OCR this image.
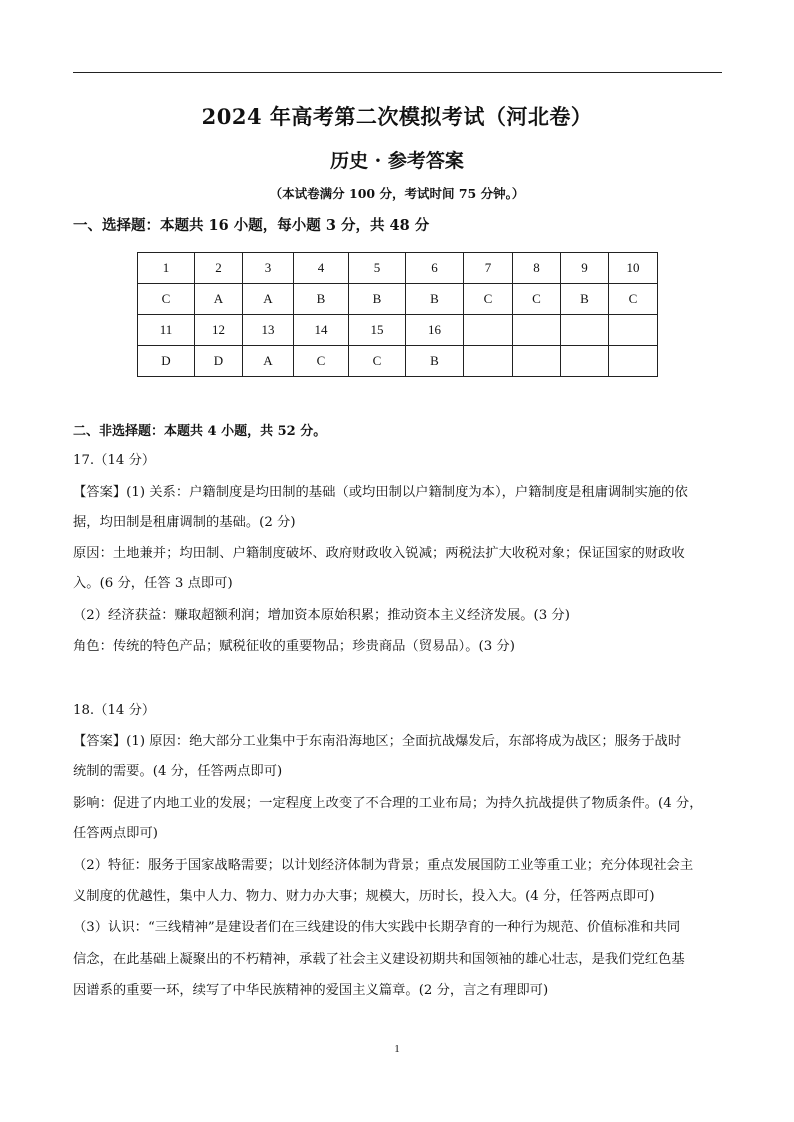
2024 年高考第二次模拟考试（河北卷）
历史 · 参考答案
（本试卷满分 100 分，考试时间 75 分钟。）
一、选择题：本题共 16 小题，每小题 3 分，共 48 分
1	2	3	4	5	6	7	8	9	10
C	A	A	B	B	B	C	C	B	C
11	12	13	14	15	16				
D	D	A	C	C	B				
二、非选择题：本题共 4 小题，共 52 分。
17.（14 分）
【答案】(1) 关系：户籍制度是均田制的基础（或均田制以户籍制度为本），户籍制度是租庸调制实施的依
据，均田制是租庸调制的基础。(2 分)
原因：土地兼并；均田制、户籍制度破坏、政府财政收入锐减；两税法扩大收税对象；保证国家的财政收
入。(6 分，任答 3 点即可)
（2）经济获益：赚取超额利润；增加资本原始积累；推动资本主义经济发展。(3 分)
角色：传统的特色产品；赋税征收的重要物品；珍贵商品（贸易品）。(3 分)
18.（14 分）
【答案】(1) 原因：绝大部分工业集中于东南沿海地区；全面抗战爆发后，东部将成为战区；服务于战时
统制的需要。(4 分，任答两点即可)
影响：促进了内地工业的发展；一定程度上改变了不合理的工业布局；为持久抗战提供了物质条件。(4 分，
任答两点即可)
（2）特征：服务于国家战略需要；以计划经济体制为背景；重点发展国防工业等重工业；充分体现社会主
义制度的优越性，集中人力、物力、财力办大事；规模大，历时长，投入大。(4 分，任答两点即可)
（3）认识：“三线精神”是建设者们在三线建设的伟大实践中长期孕育的一种行为规范、价值标准和共同
信念，在此基础上凝聚出的不朽精神，承载了社会主义建设初期共和国领袖的雄心壮志，是我们党红色基
因谱系的重要一环，续写了中华民族精神的爱国主义篇章。(2 分，言之有理即可)
1
